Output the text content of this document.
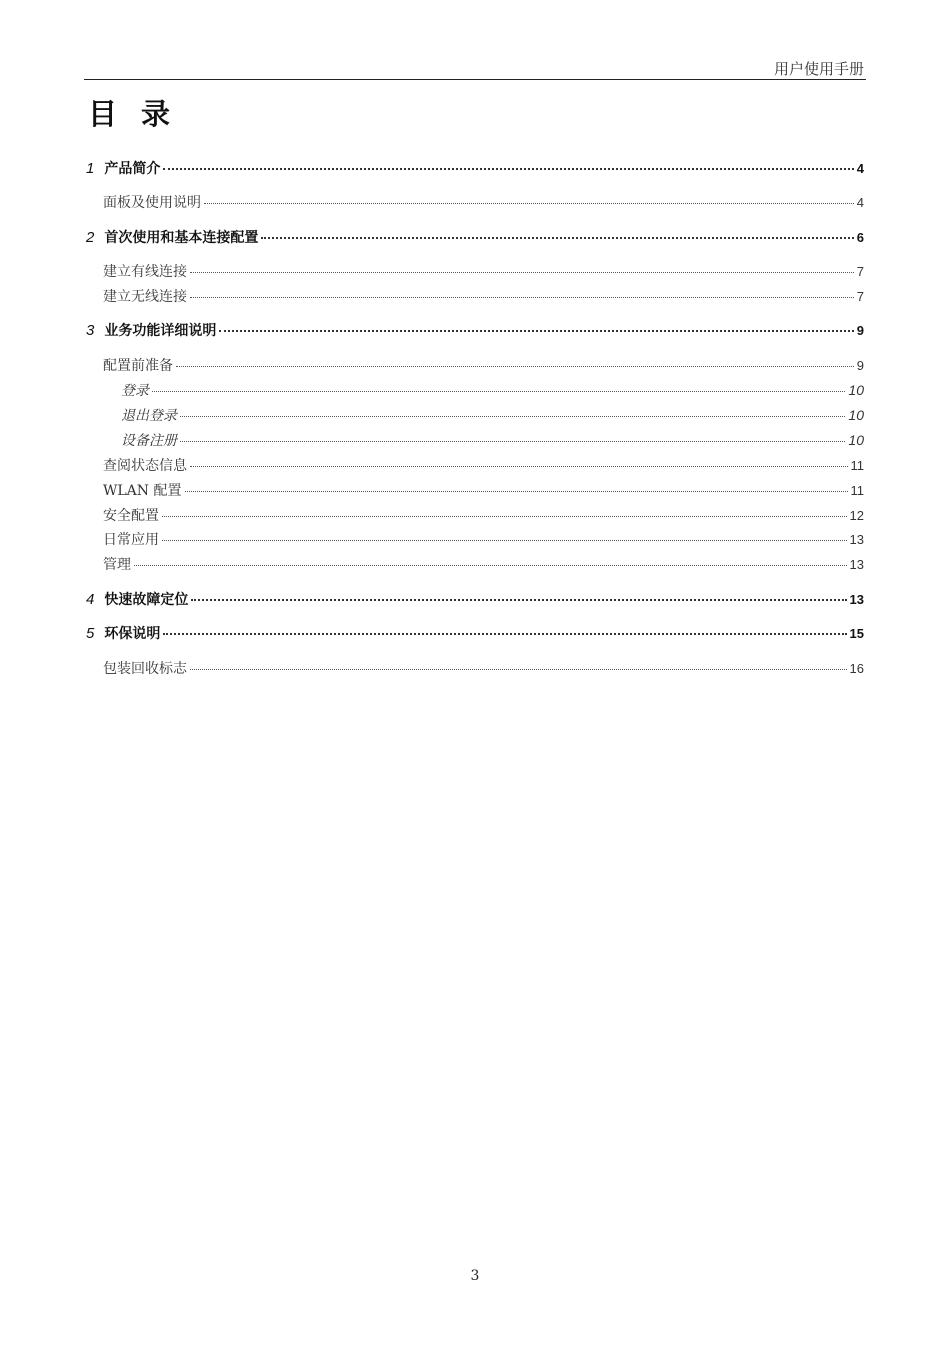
用户使用手册
目录
1 产品简介	4
面板及使用说明	4
2 首次使用和基本连接配置	6
建立有线连接	7
建立无线连接	7
3 业务功能详细说明	9
配置前准备	9
登录	10
退出登录	10
设备注册	10
查阅状态信息	11
WLAN 配置	11
安全配置	12
日常应用	13
管理	13
4 快速故障定位	13
5 环保说明	15
包装回收标志	16
3
